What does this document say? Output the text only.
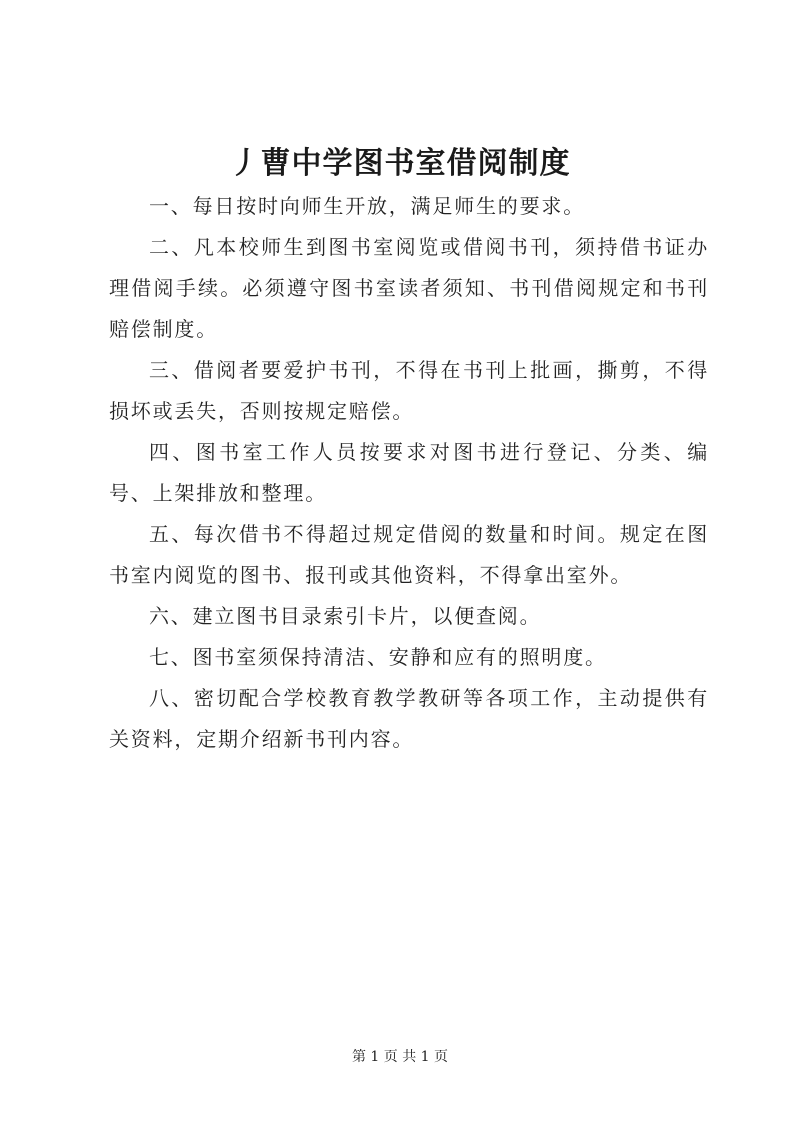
丿曹中学图书室借阅制度

一、每日按时向师生开放，满足师生的要求。

二、凡本校师生到图书室阅览或借阅书刊，须持借书证办理借阅手续。必须遵守图书室读者须知、书刊借阅规定和书刊赔偿制度。

三、借阅者要爱护书刊，不得在书刊上批画，撕剪，不得损坏或丢失，否则按规定赔偿。

四、图书室工作人员按要求对图书进行登记、分类、编号、上架排放和整理。

五、每次借书不得超过规定借阅的数量和时间。规定在图书室内阅览的图书、报刊或其他资料，不得拿出室外。

六、建立图书目录索引卡片，以便查阅。

七、图书室须保持清洁、安静和应有的照明度。

八、密切配合学校教育教学教研等各项工作，主动提供有关资料，定期介绍新书刊内容。

第 1 页 共 1 页
